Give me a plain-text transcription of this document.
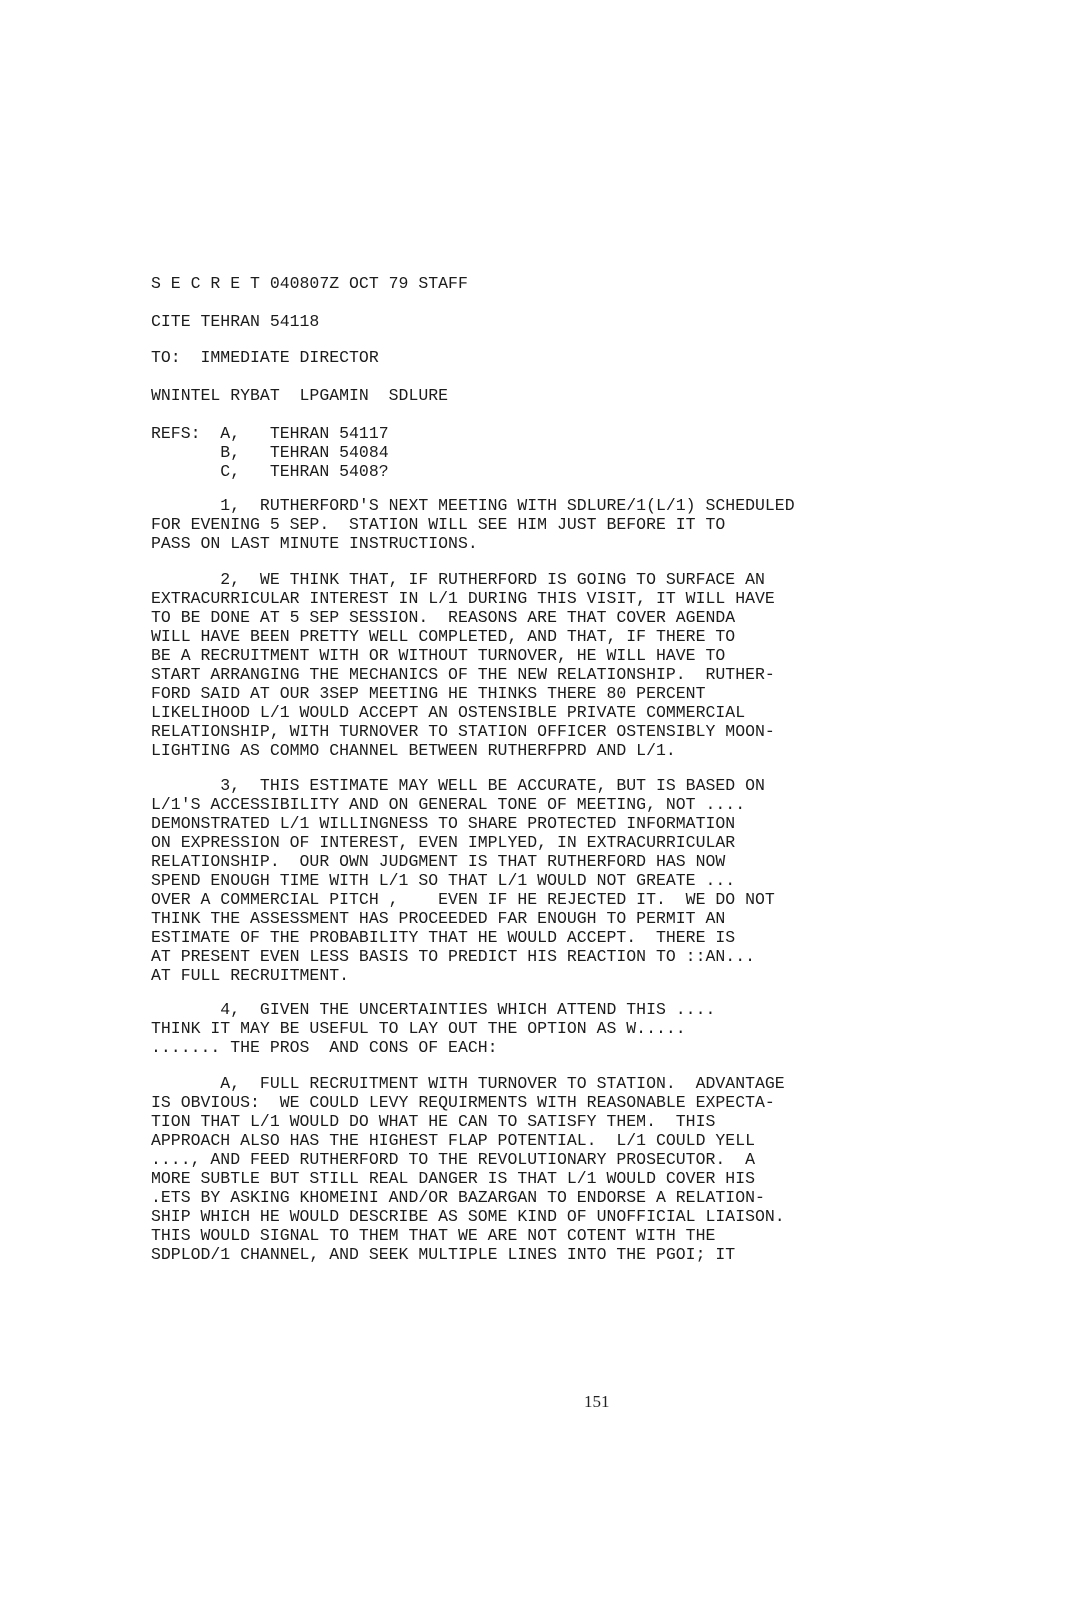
S E C R E T 040807Z OCT 79 STAFF
CITE TEHRAN 54118
TO:  IMMEDIATE DIRECTOR
WNINTEL RYBAT  LPGAMIN  SDLURE
REFS:  A,   TEHRAN 54117
B,   TEHRAN 54084
C,   TEHRAN 5408?
1,  RUTHERFORD'S NEXT MEETING WITH SDLURE/1(L/1) SCHEDULED
FOR EVENING 5 SEP.  STATION WILL SEE HIM JUST BEFORE IT TO
PASS ON LAST MINUTE INSTRUCTIONS.
2,  WE THINK THAT, IF RUTHERFORD IS GOING TO SURFACE AN
EXTRACURRICULAR INTEREST IN L/1 DURING THIS VISIT, IT WILL HAVE
TO BE DONE AT 5 SEP SESSION.  REASONS ARE THAT COVER AGENDA
WILL HAVE BEEN PRETTY WELL COMPLETED, AND THAT, IF THERE TO
BE A RECRUITMENT WITH OR WITHOUT TURNOVER, HE WILL HAVE TO
START ARRANGING THE MECHANICS OF THE NEW RELATIONSHIP.  RUTHER-
FORD SAID AT OUR 3SEP MEETING HE THINKS THERE 80 PERCENT
LIKELIHOOD L/1 WOULD ACCEPT AN OSTENSIBLE PRIVATE COMMERCIAL
RELATIONSHIP, WITH TURNOVER TO STATION OFFICER OSTENSIBLY MOON-
LIGHTING AS COMMO CHANNEL BETWEEN RUTHERFPRD AND L/1.
3,  THIS ESTIMATE MAY WELL BE ACCURATE, BUT IS BASED ON
L/1'S ACCESSIBILITY AND ON GENERAL TONE OF MEETING, NOT ....
DEMONSTRATED L/1 WILLINGNESS TO SHARE PROTECTED INFORMATION
ON EXPRESSION OF INTEREST, EVEN IMPLYED, IN EXTRACURRICULAR
RELATIONSHIP.  OUR OWN JUDGMENT IS THAT RUTHERFORD HAS NOW
SPEND ENOUGH TIME WITH L/1 SO THAT L/1 WOULD NOT GREATE ...
OVER A COMMERCIAL PITCH ,    EVEN IF HE REJECTED IT.  WE DO NOT
THINK THE ASSESSMENT HAS PROCEEDED FAR ENOUGH TO PERMIT AN
ESTIMATE OF THE PROBABILITY THAT HE WOULD ACCEPT.  THERE IS
AT PRESENT EVEN LESS BASIS TO PREDICT HIS REACTION TO ::AN...
AT FULL RECRUITMENT.
4,  GIVEN THE UNCERTAINTIES WHICH ATTEND THIS ....
THINK IT MAY BE USEFUL TO LAY OUT THE OPTION AS W.....
....... THE PROS  AND CONS OF EACH:
A,  FULL RECRUITMENT WITH TURNOVER TO STATION.  ADVANTAGE
IS OBVIOUS:  WE COULD LEVY REQUIRMENTS WITH REASONABLE EXPECTA-
TION THAT L/1 WOULD DO WHAT HE CAN TO SATISFY THEM.  THIS
APPROACH ALSO HAS THE HIGHEST FLAP POTENTIAL.  L/1 COULD YELL
...., AND FEED RUTHERFORD TO THE REVOLUTIONARY PROSECUTOR.  A
MORE SUBTLE BUT STILL REAL DANGER IS THAT L/1 WOULD COVER HIS
.ETS BY ASKING KHOMEINI AND/OR BAZARGAN TO ENDORSE A RELATION-
SHIP WHICH HE WOULD DESCRIBE AS SOME KIND OF UNOFFICIAL LIAISON.
THIS WOULD SIGNAL TO THEM THAT WE ARE NOT COTENT WITH THE
SDPLOD/1 CHANNEL, AND SEEK MULTIPLE LINES INTO THE PGOI; IT
151
